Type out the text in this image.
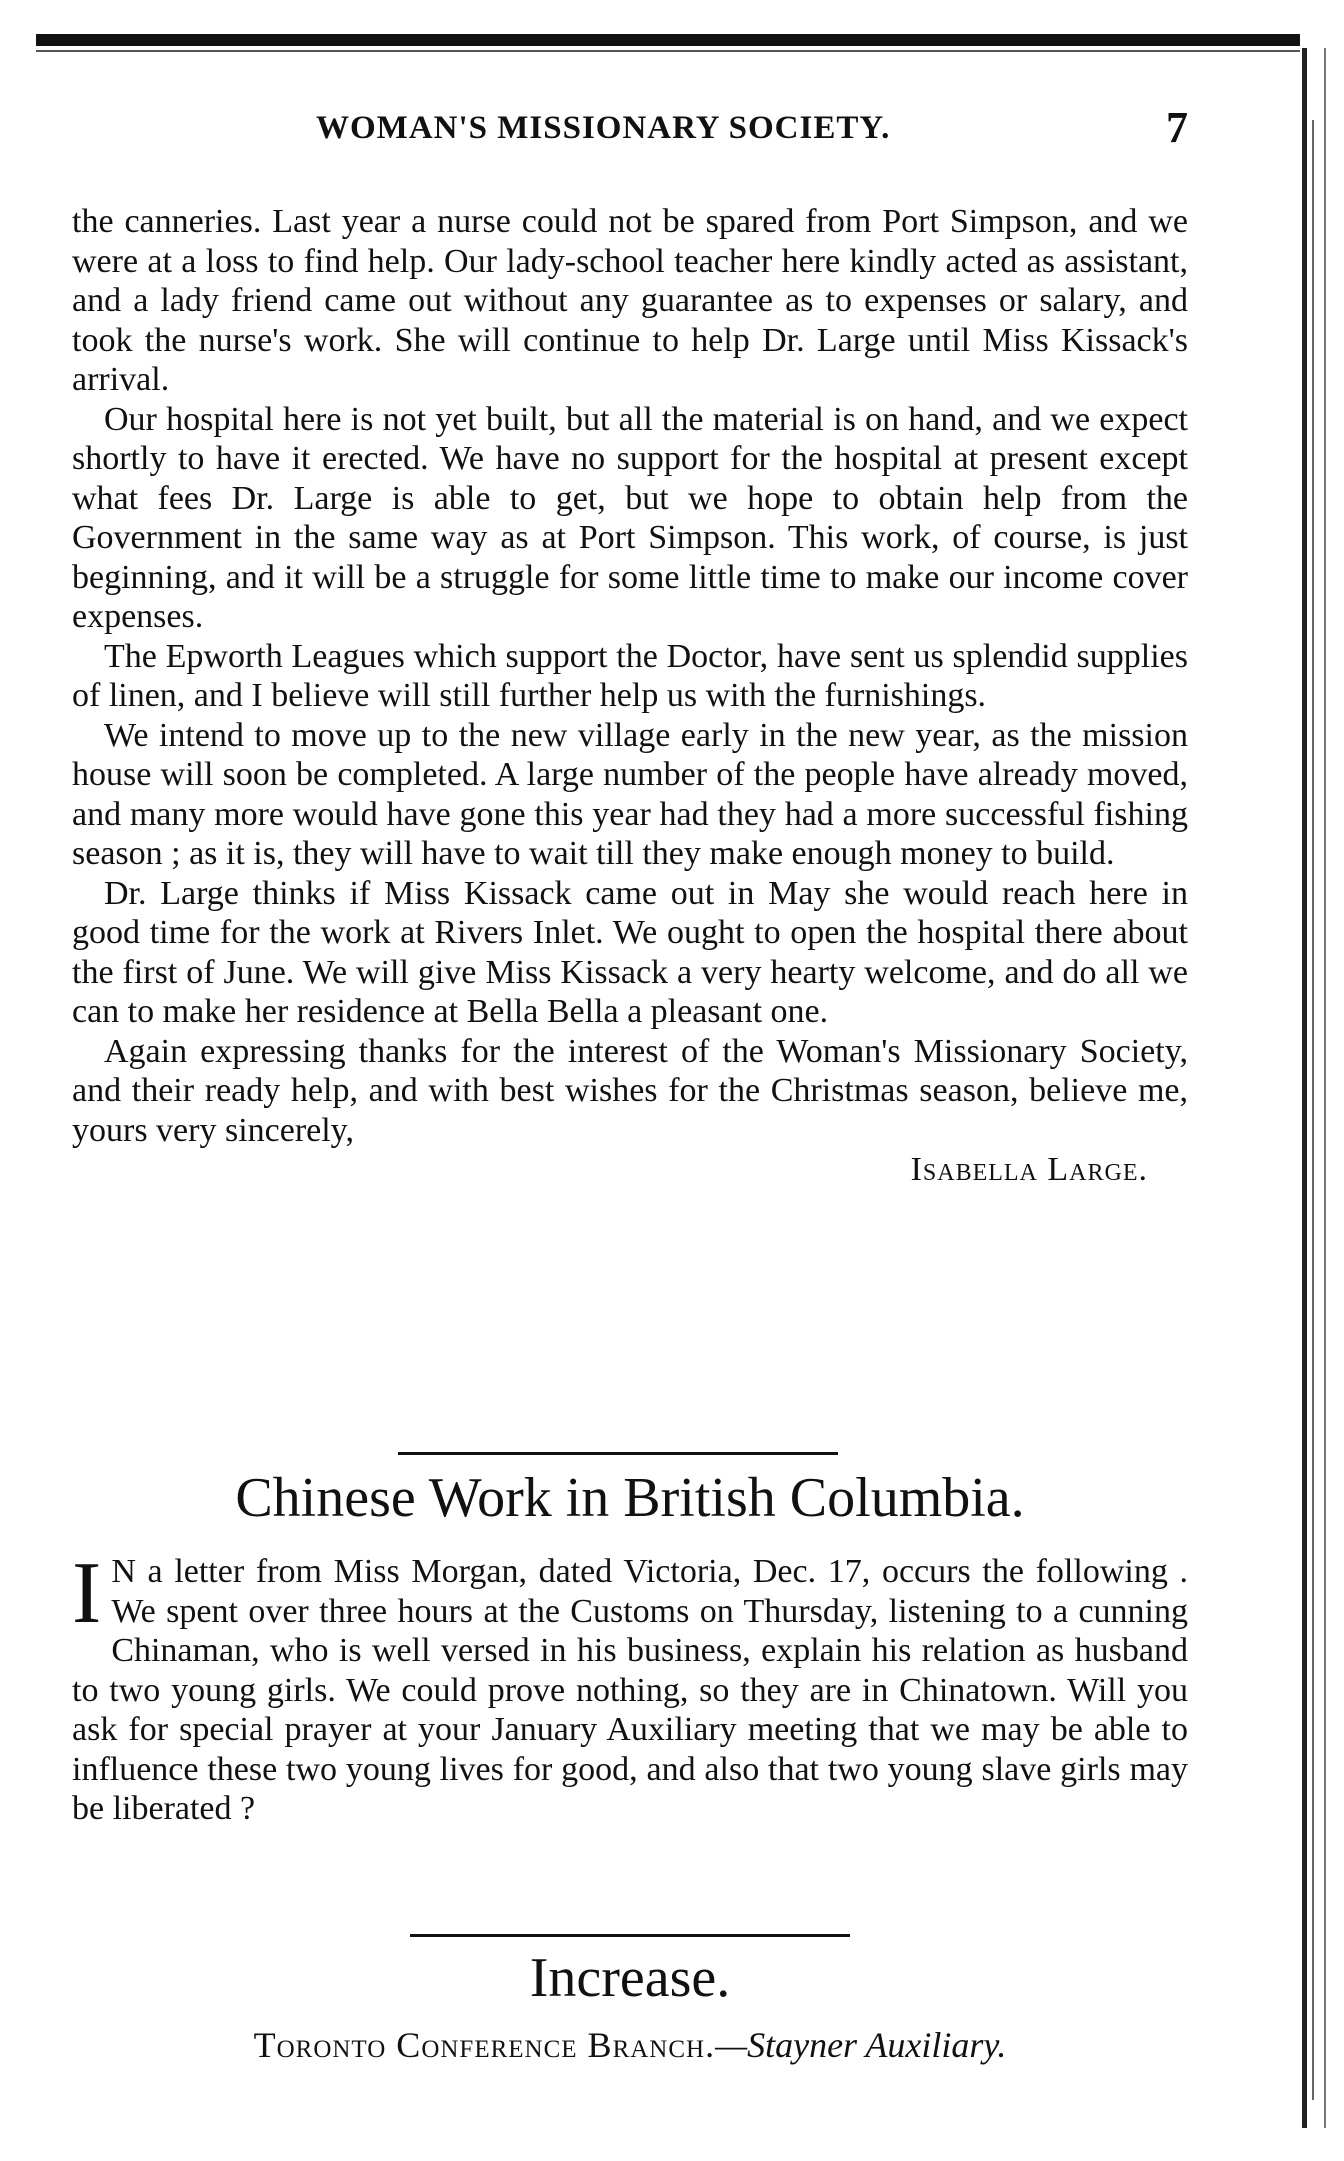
WOMAN'S MISSIONARY SOCIETY.	7

the canneries. Last year a nurse could not be spared from Port Simpson, and we were at a loss to find help. Our lady-school teacher here kindly acted as assistant, and a lady friend came out without any guarantee as to expenses or salary, and took the nurse's work. She will continue to help Dr. Large until Miss Kissack's arrival.

Our hospital here is not yet built, but all the material is on hand, and we expect shortly to have it erected. We have no support for the hospital at present except what fees Dr. Large is able to get, but we hope to obtain help from the Government in the same way as at Port Simpson. This work, of course, is just beginning, and it will be a struggle for some little time to make our income cover expenses.

The Epworth Leagues which support the Doctor, have sent us splendid supplies of linen, and I believe will still further help us with the furnishings.

We intend to move up to the new village early in the new year, as the mission house will soon be completed. A large number of the people have already moved, and many more would have gone this year had they had a more successful fishing season ; as it is, they will have to wait till they make enough money to build.

Dr. Large thinks if Miss Kissack came out in May she would reach here in good time for the work at Rivers Inlet. We ought to open the hospital there about the first of June. We will give Miss Kissack a very hearty welcome, and do all we can to make her residence at Bella Bella a pleasant one.

Again expressing thanks for the interest of the Woman's Missionary Society, and their ready help, and with best wishes for the Christmas season, believe me, yours very sincerely,

Isabella Large.
Chinese Work in British Columbia.

I N a letter from Miss Morgan, dated Victoria, Dec. 17, occurs the following . We spent over three hours at the Customs on Thursday, listening to a cunning Chinaman, who is well versed in his business, explain his relation as husband to two young girls. We could prove nothing, so they are in Chinatown. Will you ask for special prayer at your January Auxiliary meeting that we may be able to influence these two young lives for good, and also that two young slave girls may be liberated ?

Increase.

Toronto Conference Branch.—Stayner Auxiliary.
